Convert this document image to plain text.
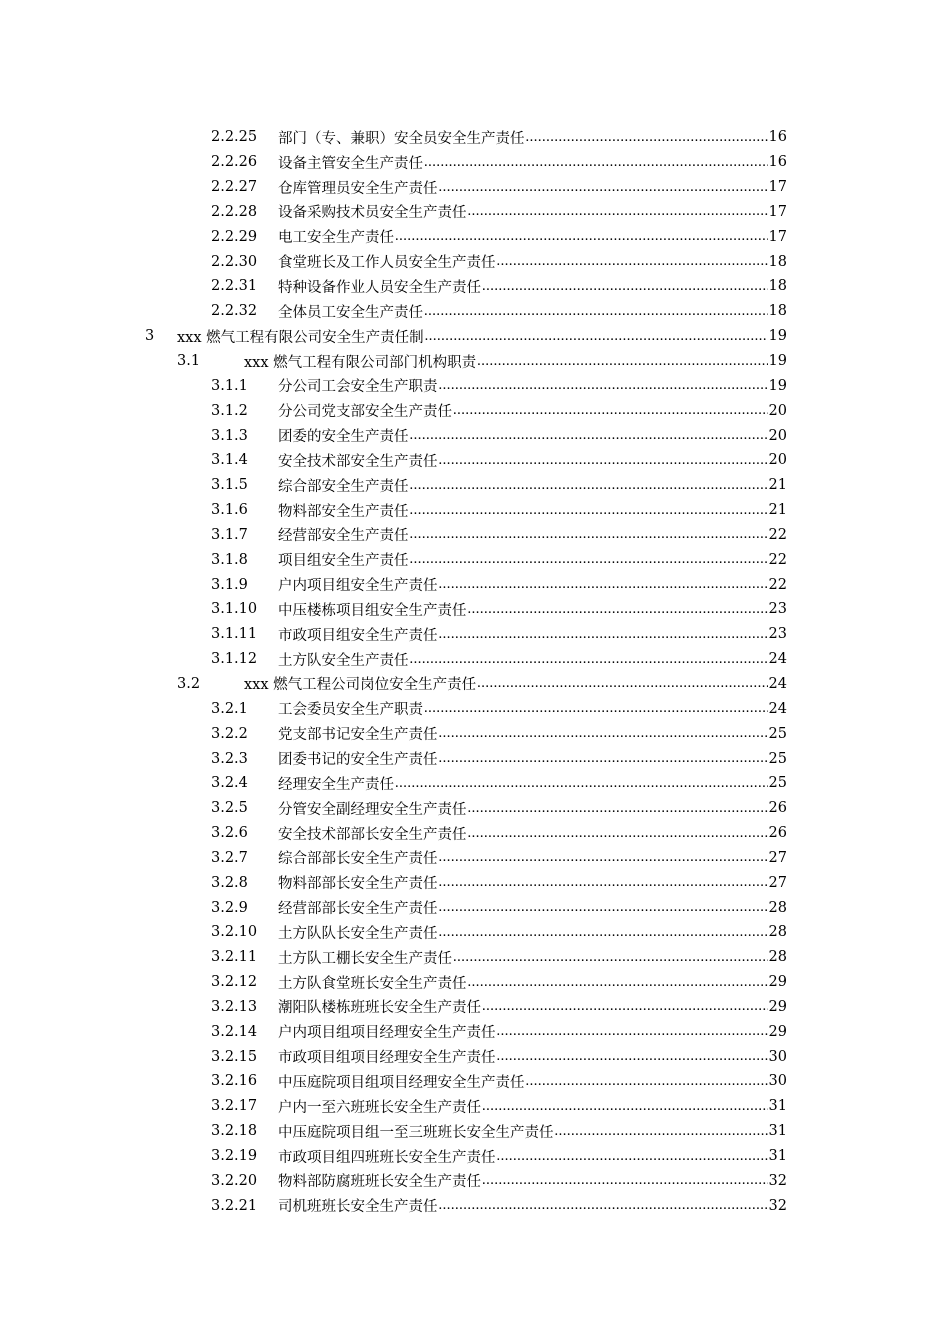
2.2.25 部门（专、兼职）安全员安全生产责任 .....	16
2.2.26 设备主管安全生产责任 .....	16
2.2.27 仓库管理员安全生产责任 .....	17
2.2.28 设备采购技术员安全生产责任 .....	17
2.2.29 电工安全生产责任 .....	17
2.2.30 食堂班长及工作人员安全生产责任 .....	18
2.2.31 特种设备作业人员安全生产责任 .....	18
2.2.32 全体员工安全生产责任 .....	18
3 xxx 燃气工程有限公司安全生产责任制 .....	19
3.1	xxx 燃气工程有限公司部门机构职责 .....	19
3.1.1 分公司工会安全生产职责 .....	19
3.1.2 分公司党支部安全生产责任 .....	20
3.1.3 团委的安全生产责任 .....	20
3.1.4 安全技术部安全生产责任 .....	20
3.1.5 综合部安全生产责任 .....	21
3.1.6 物料部安全生产责任 .....	21
3.1.7 经营部安全生产责任 .....	22
3.1.8 项目组安全生产责任 .....	22
3.1.9 户内项目组安全生产责任 .....	22
3.1.10 中压楼栋项目组安全生产责任 .....	23
3.1.11 市政项目组安全生产责任 .....	23
3.1.12 土方队安全生产责任 .....	24
3.2	xxx 燃气工程公司岗位安全生产责任 .....	24
3.2.1 工会委员安全生产职责 .....	24
3.2.2 党支部书记安全生产责任 .....	25
3.2.3 团委书记的安全生产责任 .....	25
3.2.4 经理安全生产责任 .....	25
3.2.5 分管安全副经理安全生产责任 .....	26
3.2.6 安全技术部部长安全生产责任 .....	26
3.2.7 综合部部长安全生产责任 .....	27
3.2.8 物料部部长安全生产责任 .....	27
3.2.9 经营部部长安全生产责任 .....	28
3.2.10 土方队队长安全生产责任 .....	28
3.2.11 土方队工棚长安全生产责任 .....	28
3.2.12 土方队食堂班长安全生产责任 .....	29
3.2.13 潮阳队楼栋班班长安全生产责任 .....	29
3.2.14 户内项目组项目经理安全生产责任 .....	29
3.2.15 市政项目组项目经理安全生产责任 .....	30
3.2.16 中压庭院项目组项目经理安全生产责任 .....	30
3.2.17 户内一至六班班长安全生产责任 .....	31
3.2.18 中压庭院项目组一至三班班长安全生产责任 .....	31
3.2.19 市政项目组四班班长安全生产责任 .....	31
3.2.20 物料部防腐班班长安全生产责任 .....	32
3.2.21 司机班班长安全生产责任 .....	32
